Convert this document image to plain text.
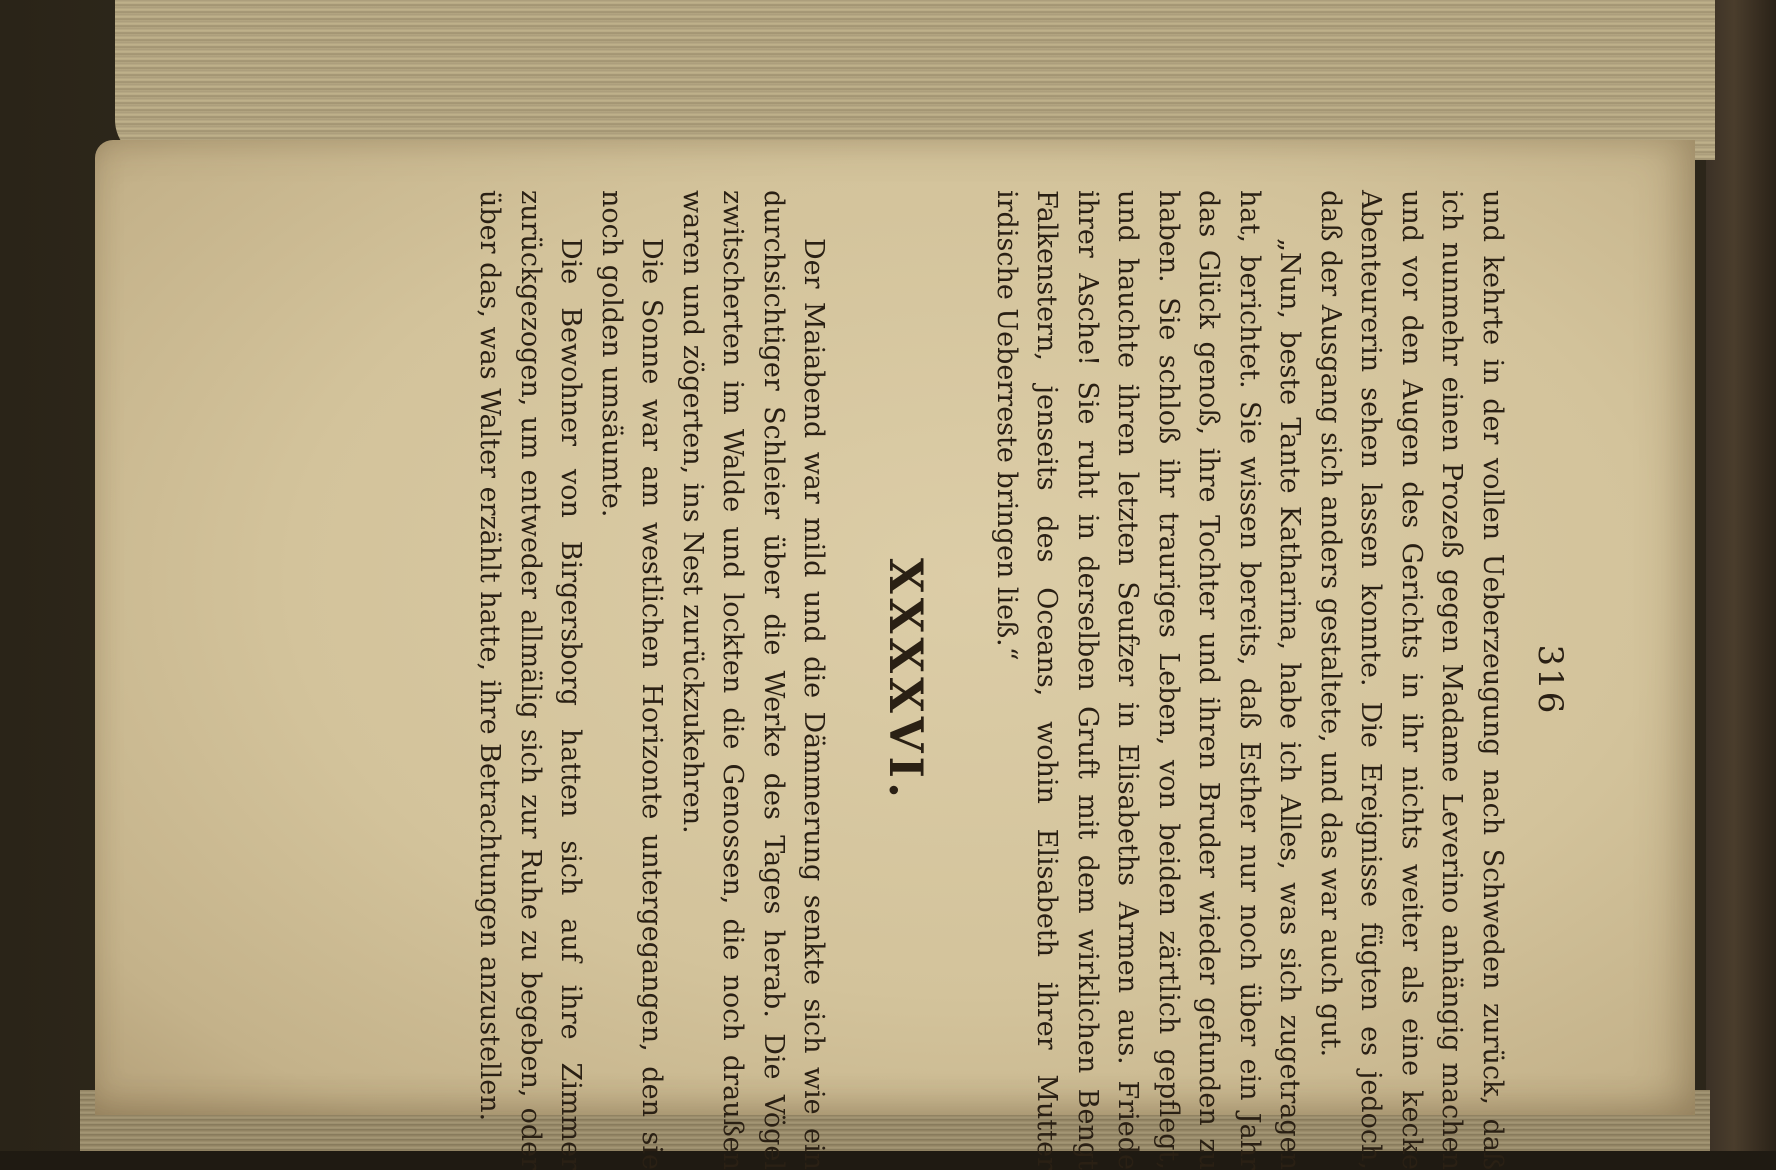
316

und kehrte in der vollen Ueberzeugung nach Schweden zurück, daß ich nunmehr einen Prozeß gegen Madame Leverino anhängig machen und vor den Augen des Gerichts in ihr nichts weiter als eine kecke Abenteurerin sehen lassen konnte. Die Ereignisse fügten es jedoch, daß der Ausgang sich anders gestaltete, und das war auch gut.

„Nun, beste Tante Katharina, habe ich Alles, was sich zugetragen hat, berichtet. Sie wissen bereits, daß Esther nur noch über ein Jahr das Glück genoß, ihre Tochter und ihren Bruder wieder gefunden zu haben. Sie schloß ihr trauriges Leben, von beiden zärtlich gepflegt, und hauchte ihren letzten Seufzer in Elisabeths Armen aus. Friede ihrer Asche! Sie ruht in derselben Gruft mit dem wirklichen Bengt Falkenstern, jenseits des Oceans, wohin Elisabeth ihrer Mutter irdische Ueberreste bringen ließ.“

XXXXVI.

Der Maiabend war mild und die Dämmerung senkte sich wie ein durchsichtiger Schleier über die Werke des Tages herab. Die Vögel zwitscherten im Walde und lockten die Genossen, die noch draußen waren und zögerten, ins Nest zurückzukehren.

Die Sonne war am westlichen Horizonte untergegangen, den sie noch golden umsäumte.

Die Bewohner von Birgersborg hatten sich auf ihre Zimmer zurückgezogen, um entweder allmälig sich zur Ruhe zu begeben, oder über das, was Walter erzählt hatte, ihre Betrachtungen anzustellen.
